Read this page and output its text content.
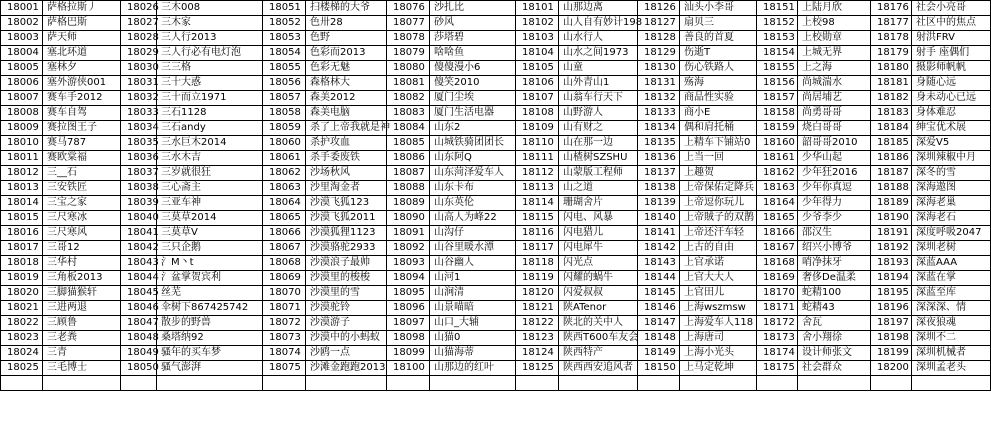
18001	萨格拉斯丿	18026	三木008	18051	扫楼梯的大爷	18076	沙扎比	18101	山那边离	18126	汕头小李哥	18151	上陆月欣	18176	社会小亮哥
18002	萨格巴斯	18027	三木家	18052	色卅28	18077	砂风	18102	山人自有妙计198	18127	扇贝三	18152	上校98	18177	社区中的焦点
18003	萨天师	18028	三人行2013	18053	色野	18078	莎塔碧	18103	山水行人	18128	善良的首夏	18153	上校勋章	18178	射洪FRV
18004	塞北环道	18029	三人行必有电灯泡	18054	色彩而2013	18079	啥啥鱼	18104	山水之间1973	18129	伤逝T	18154	上城无界	18179	射手 座偶们
18005	塞林夕	18030	三三格	18055	色彩无魅	18080	傻傻漫小6	18105	山童	18130	伤心铁路人	18155	上之海	18180	摄影师帆帆
18006	塞外游侠001	18031	三十大惑	18056	森格林大	18081	傻笑2010	18106	山外青山1	18131	殇海	18156	尚城湍水	18181	身随心远
18007	赛车手2012	18032	三十而立1971	18057	森美2012	18082	厦门尘埃	18107	山翁车行天下	18132	商品性实验	18157	尚居埔艺	18182	身未动心已远
18008	赛车自驾	18033	三石1128	18058	森美电脑	18083	厦门生活电器	18108	山野游人	18133	商小E	18158	尚勇哥哥	18183	身体难忍
18009	赛拉图王子	18034	三石andy	18059	杀了上帝我就是神	18084	山东2	18109	山有财之	18134	偶和肩托桶	18159	烧白哥哥	18184	绅宝优术展
18010	赛马787	18035	三水巨木2014	18060	杀护攻血	18085	山城铁骑团团长	18110	山在那一边	18135	上精车下铺站0	18160	韶哥哥2010	18185	深爱V5
18011	赛欧棠福	18036	三水木吉	18061	杀手委废铁	18086	山东阿Q	18111	山楂树SZSHU	18136	上当一回	18161	少华山起	18186	深圳辣椒中月
18012	三__石	18037	三岁就很狂	18062	沙场秋风	18087	山东菏泽爱车人	18112	山蒙版工程师	18137	上趣贺	18162	少年狂2016	18187	深冬的雪
18013	三安铁匠	18038	三心斋主	18063	沙里淘金者	18088	山东卡布	18113	山之道	18138	上帝保佑定降兵	18163	少年你真逗	18188	深海遨图
18014	三宝之家	18039	三亚车神	18064	沙漠飞狐123	18089	山东英伦	18114	珊瑚舍片	18139	上帝逗你玩儿	18164	少年得力	18189	深海老巢
18015	三尺寒冰	18040	三莫草2014	18065	沙漠飞狐2011	18090	山高人为峰22	18115	闪电、风暴	18140	上帝賊子的双鹊	18165	少爷李少	18190	深海老石
18016	三尺寒风	18041	三莫草V	18066	沙漠狐狸1123	18091	山沟仔	18116	闪电猎儿	18141	上帝还汗车轻	18166	邵汉生	18191	深度呼吸2047
18017	三哥12	18042	三只企鹅	18067	沙漠骆驼2933	18092	山谷里暖水潭	18117	闪电犀牛	18142	上古的自由	18167	绍兴小博爷	18192	深圳老树
18018	三华村	18043	氵M丶t	18068	沙漠浪子最帅	18093	山谷幽人	18118	闪光点	18143	上官承诺	18168	哨净抹牙	18193	深蓝AAA
18019	三角板2013	18044	氵盆掌贺宾利	18069	沙漠里的梭梭	18094	山河1	18119	闪耀的蜗牛	18144	上官大大人	18169	奢侈De温柔	18194	深蓝在掌
18020	三脚猫猴轩	18045	丝芜	18070	沙漠里的雪	18095	山涧清	18120	闪爱叔叔	18145	上官田儿	18170	蛇精100	18195	深蓝至库
18021	三进两退	18046	伞树下867425742	18071	沙漠驼铃	18096	山景喵暗	18121	陕ATenor	18146	上海wszmsw	18171	蛇精43	18196	深深深、情
18022	三顾鲁	18047	散步的野兽	18072	沙漠游子	18097	山口_大辅	18122	陕北的关中人	18147	上海爱车人118	18172	舍瓦	18197	深夜狼魂
18023	三老粪	18048	桑塔纳92	18073	沙漠中的小蚂蚁	18098	山猫0	18123	陕西T600车友会	18148	上海唐司	18173	舍小翔徐	18198	深圳不二
18024	三青	18049	骚年的买车梦	18074	沙鸥一点	18099	山猫海蒂	18124	陕西特产	18149	上海小光头	18174	设计师张文	18199	深圳机械者
18025	三毛博士	18050	骚气澎湃	18075	沙滩金跑跑2013	18100	山那边的红叶	18125	陕西西安追风者	18150	上马定乾坤	18175	社会群众	18200	深圳孟老头
